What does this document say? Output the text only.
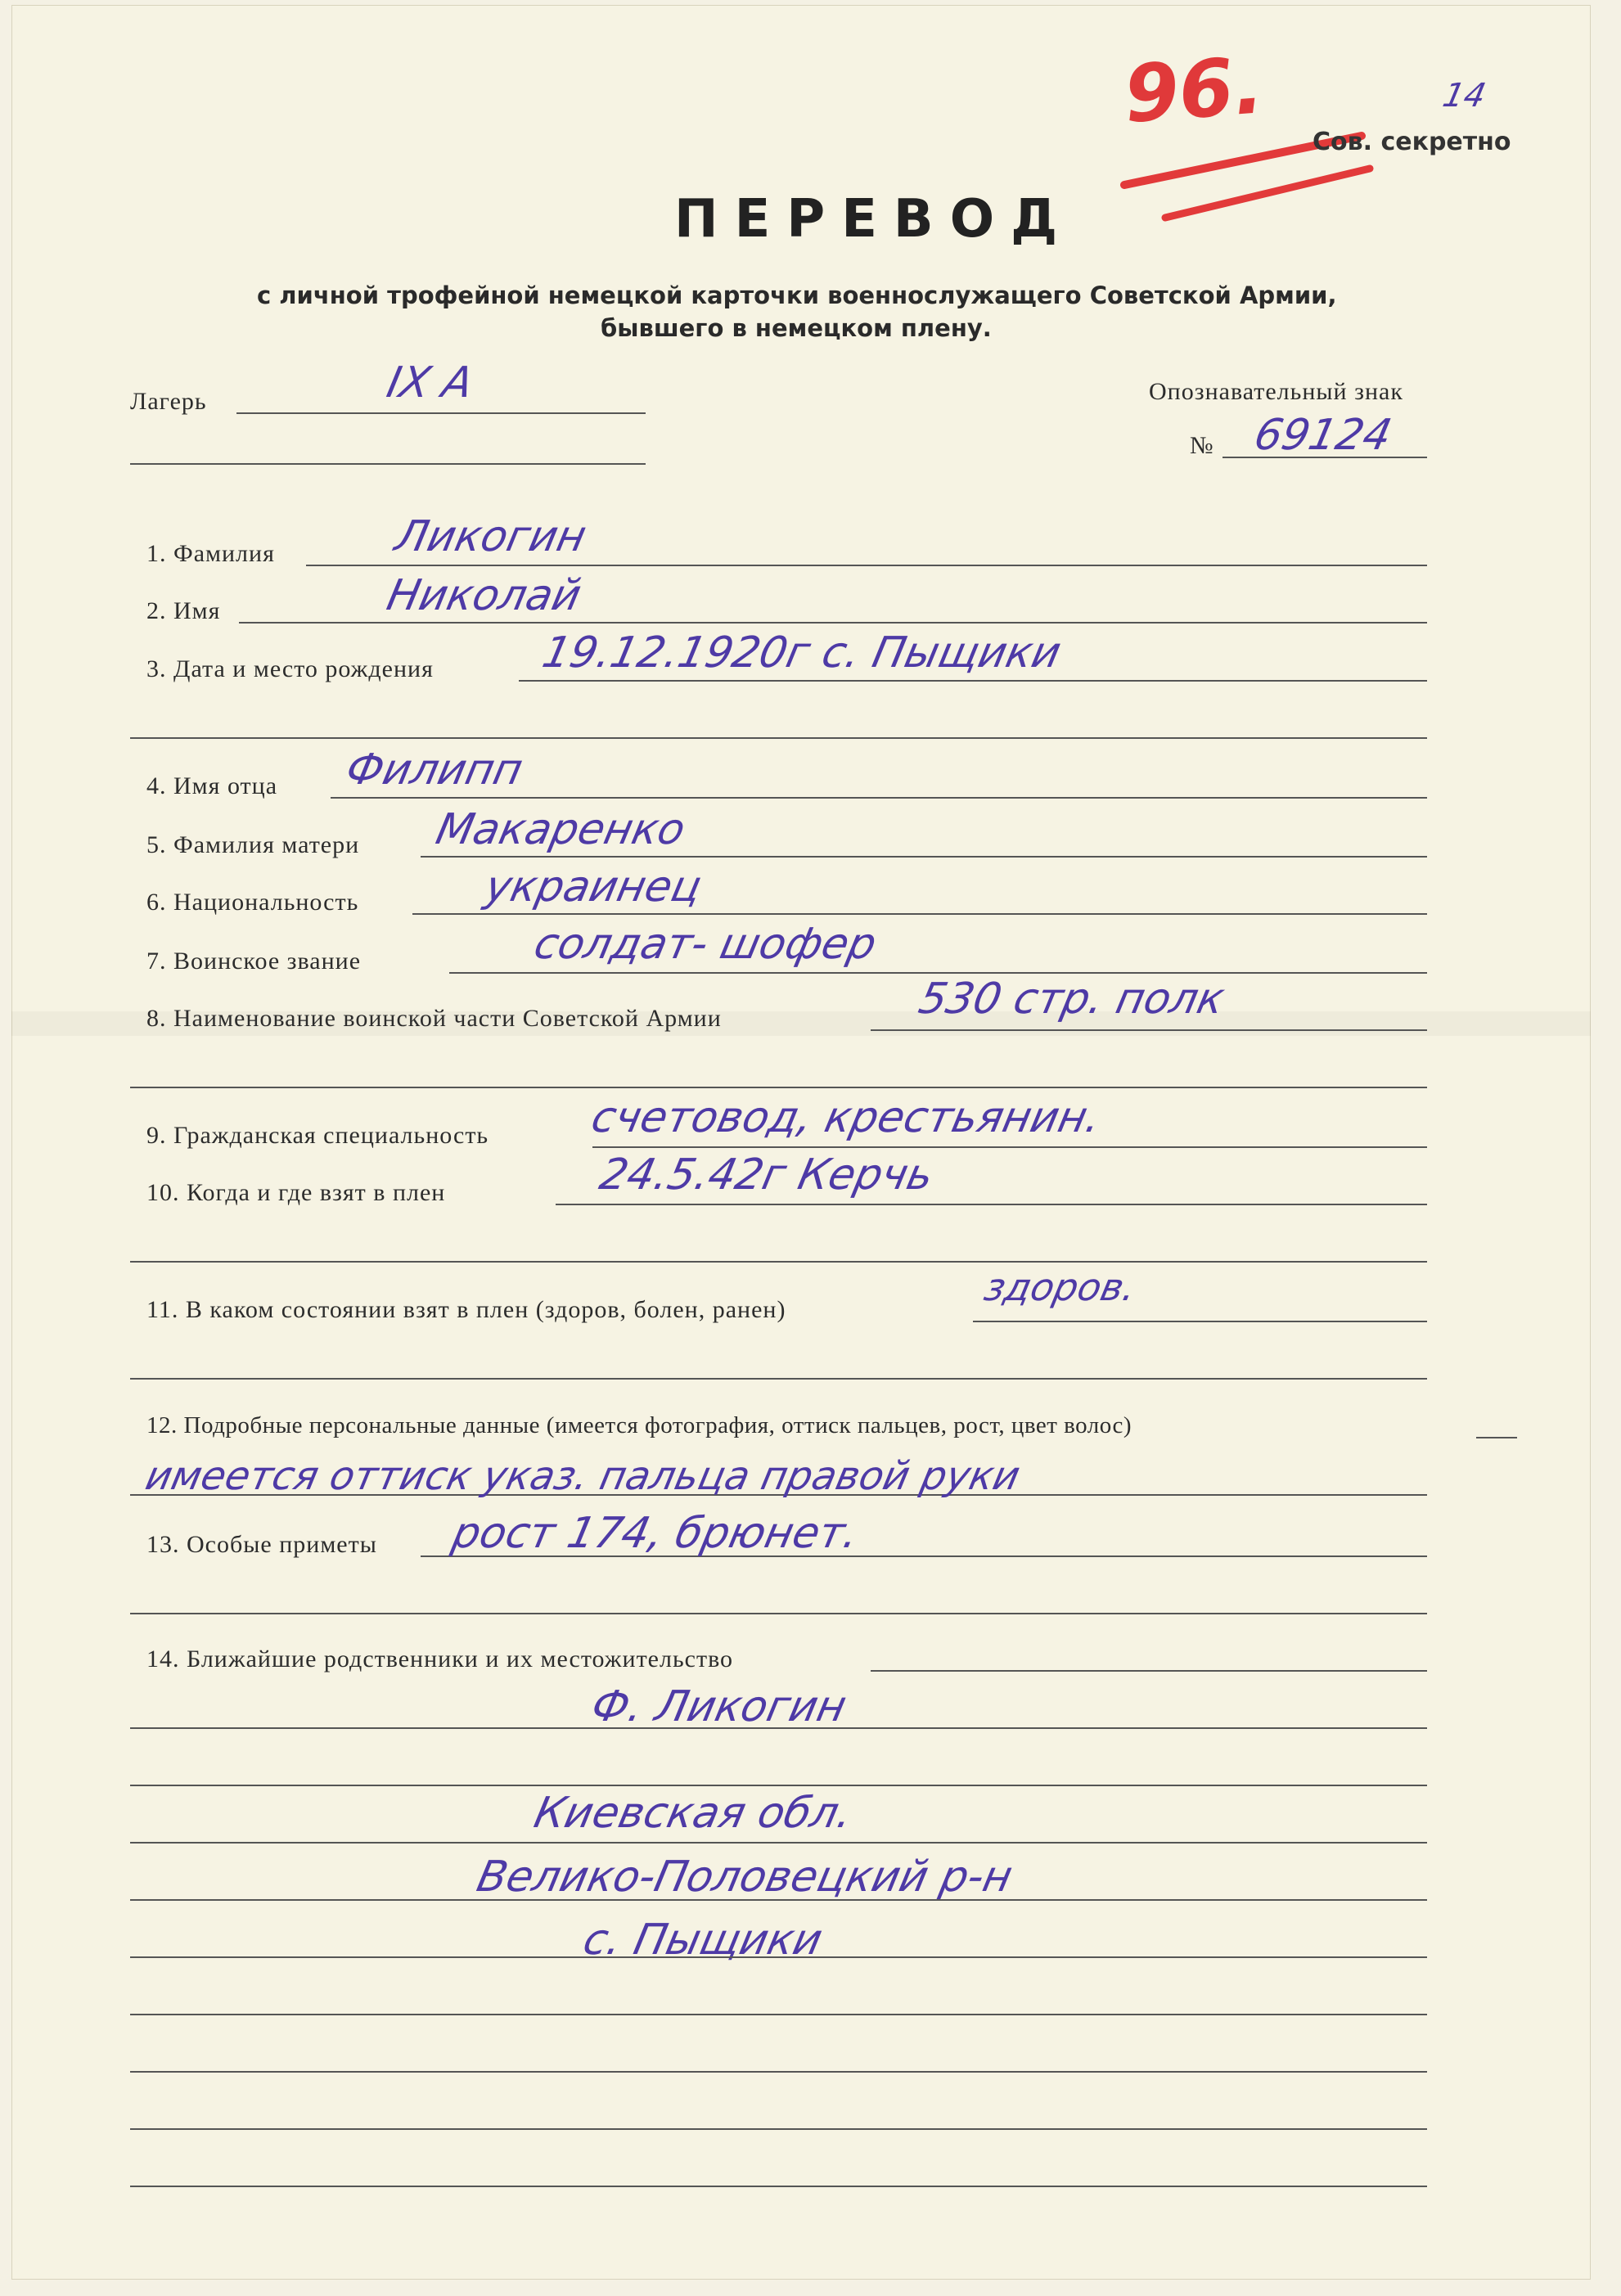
96.	14
Сов. секретно
ПЕРЕВОД
с личной трофейной немецкой карточки военнослужащего Советской Армии,
бывшего в немецком плену.
Лагерь	IX A	Опознавательный знак
№ 69124
1. Фамилия	Ликогин
2. Имя	Николай
3. Дата и место рождения 19.12.1920г с. Пыщики
4. Имя отца Филипп
5. Фамилия матери Макаренко
6. Национальность	украинец
7. Воинское звание	солдат- шофер
8. Наименование воинской части Советской Армии	530 стр. полк
9. Гражданская специальность счетовод, крестьянин.
10. Когда и где взят в плен	24.5.42г Керчь
11. В каком состоянии взят в плен (здоров, болен, ранен)
здоров.
12. Подробные персональные данные (имеется фотография, оттиск пальцев, рост, цвет волос)
имеется оттиск указ. пальца правой руки
13. Особые приметы рост 174, брюнет.
14. Ближайшие родственники и их местожительство
Ф. Ликогин
Киевская обл.
Велико-Половецкий р-н
с. Пыщики
